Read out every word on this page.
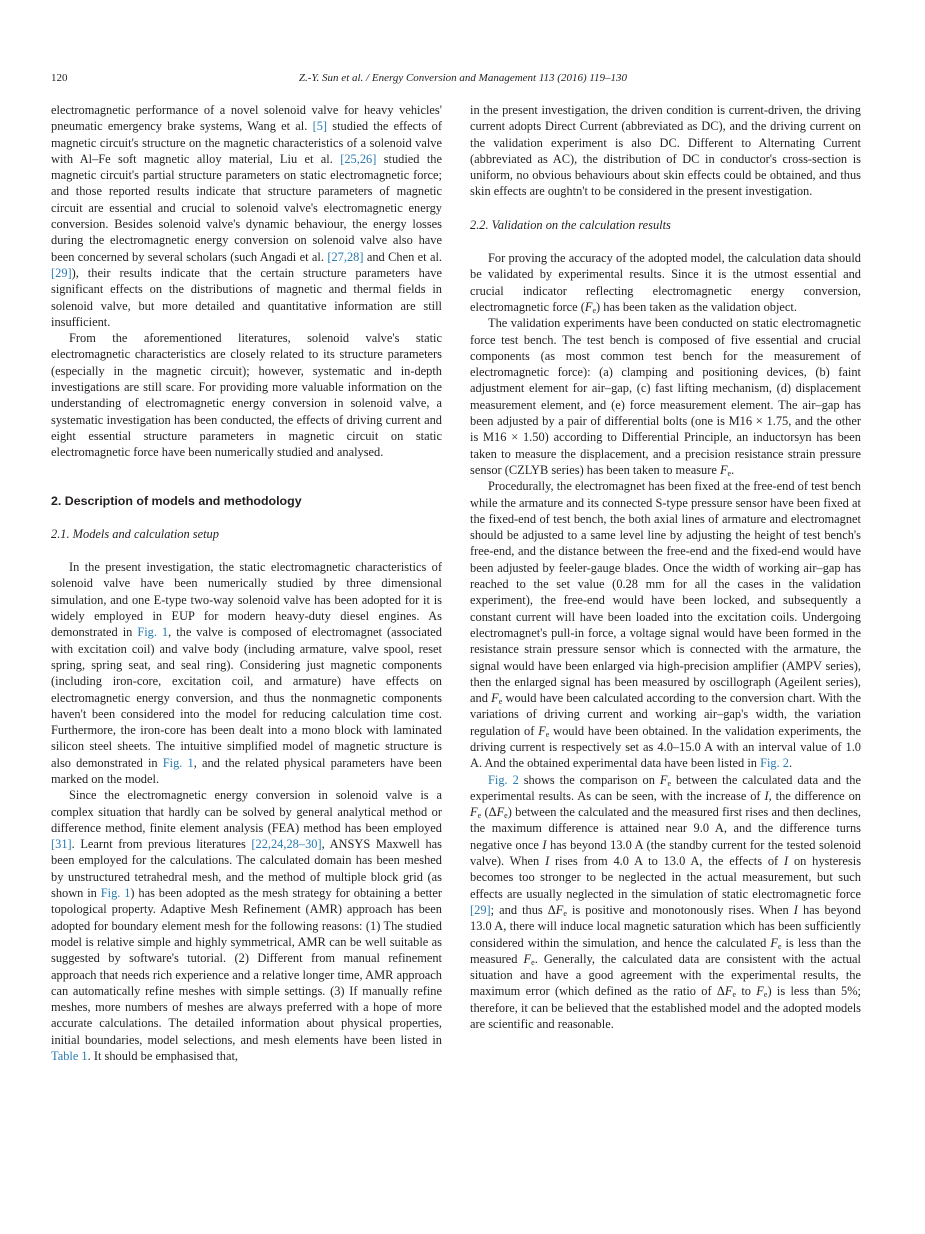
120	Z.-Y. Sun et al. / Energy Conversion and Management 113 (2016) 119–130

electromagnetic performance of a novel solenoid valve for heavy vehicles' pneumatic emergency brake systems, Wang et al. [5] studied the effects of magnetic circuit's structure on the magnetic characteristics of a solenoid valve with Al–Fe soft magnetic alloy material, Liu et al. [25,26] studied the magnetic circuit's partial structure parameters on static electromagnetic force; and those reported results indicate that structure parameters of magnetic circuit are essential and crucial to solenoid valve's electromagnetic energy conversion. Besides solenoid valve's dynamic behaviour, the energy losses during the electromagnetic energy conversion on solenoid valve also have been concerned by several scholars (such Angadi et al. [27,28] and Chen et al. [29]), their results indicate that the certain structure parameters have significant effects on the distributions of magnetic and thermal fields in solenoid valve, but more detailed and quantitative information are still insufficient.

From the aforementioned literatures, solenoid valve's static electromagnetic characteristics are closely related to its structure parameters (especially in the magnetic circuit); however, systematic and in-depth investigations are still scare. For providing more valuable information on the understanding of electromagnetic energy conversion in solenoid valve, a systematic investigation has been conducted, the effects of driving current and eight essential structure parameters in magnetic circuit on static electromagnetic force have been numerically studied and analysed.

2. Description of models and methodology
2.1. Models and calculation setup

In the present investigation, the static electromagnetic characteristics of solenoid valve have been numerically studied by three dimensional simulation, and one E-type two-way solenoid valve has been adopted for it is widely employed in EUP for modern heavy-duty diesel engines. As demonstrated in Fig. 1, the valve is composed of electromagnet (associated with excitation coil) and valve body (including armature, valve spool, reset spring, spring seat, and seal ring). Considering just magnetic components (including iron-core, excitation coil, and armature) have effects on electromagnetic energy conversion, and thus the nonmagnetic components haven't been considered into the model for reducing calculation time cost. Furthermore, the iron-core has been dealt into a mono block with laminated silicon steel sheets. The intuitive simplified model of magnetic structure is also demonstrated in Fig. 1, and the related physical parameters have been marked on the model.

Since the electromagnetic energy conversion in solenoid valve is a complex situation that hardly can be solved by general analytical method or difference method, finite element analysis (FEA) method has been employed [31]. Learnt from previous literatures [22,24,28–30], ANSYS Maxwell has been employed for the calculations. The calculated domain has been meshed by unstructured tetrahedral mesh, and the method of multiple block grid (as shown in Fig. 1) has been adopted as the mesh strategy for obtaining a better topological property. Adaptive Mesh Refinement (AMR) approach has been adopted for boundary element mesh for the following reasons: (1) The studied model is relative simple and highly symmetrical, AMR can be well suitable as suggested by software's tutorial. (2) Different from manual refinement approach that needs rich experience and a relative longer time, AMR approach can automatically refine meshes with simple settings. (3) If manually refine meshes, more numbers of meshes are always preferred with a hope of more accurate calculations. The detailed information about physical properties, initial boundaries, model selections, and mesh elements have been listed in Table 1. It should be emphasised that,

in the present investigation, the driven condition is current-driven, the driving current adopts Direct Current (abbreviated as DC), and the driving current on the validation experiment is also DC. Different to Alternating Current (abbreviated as AC), the distribution of DC in conductor's cross-section is uniform, no obvious behaviours about skin effects could be obtained, and thus skin effects are oughtn't to be considered in the present investigation.

2.2. Validation on the calculation results

For proving the accuracy of the adopted model, the calculation data should be validated by experimental results. Since it is the utmost essential and crucial indicator reflecting electromagnetic energy conversion, electromagnetic force $(F_e)$ has been taken as the validation object.

The validation experiments have been conducted on static electromagnetic force test bench. The test bench is composed of five essential and crucial components (as most common test bench for the measurement of electromagnetic force): (a) clamping and positioning devices, (b) faint adjustment element for air–gap, (c) fast lifting mechanism, (d) displacement measurement element, and (e) force measurement element. The air–gap has been adjusted by a pair of differential bolts (one is M16 × 1.75, and the other is M16 × 1.50) according to Differential Principle, an inductorsyn has been taken to measure the displacement, and a precision resistance strain pressure sensor (CZLYB series) has been taken to measure $F_e$.

Procedurally, the electromagnet has been fixed at the free-end of test bench while the armature and its connected S-type pressure sensor have been fixed at the fixed-end of test bench, the both axial lines of armature and electromagnet should be adjusted to a same level line by adjusting the height of test bench's free-end, and the distance between the free-end and the fixed-end would have been adjusted by feeler-gauge blades. Once the width of working air–gap has reached to the set value (0.28 mm for all the cases in the validation experiment), the free-end would have been locked, and subsequently a constant current will have been loaded into the excitation coils. Undergoing electromagnet's pull-in force, a voltage signal would have been formed in the resistance strain pressure sensor which is connected with the armature, the signal would have been enlarged via high-precision amplifier (AMPV series), then the enlarged signal has been measured by oscillograph (Ageilent series), and $F_e$ would have been calculated according to the conversion chart. With the variations of driving current and working air–gap's width, the variation regulation of $F_e$ would have been obtained. In the validation experiments, the driving current is respectively set as 4.0–15.0 A with an interval value of 1.0 A. And the obtained experimental data have been listed in Fig. 2.

Fig. 2 shows the comparison on $F_e$ between the calculated data and the experimental results. As can be seen, with the increase of I, the difference on $F_e$ $(\Delta F_e)$ between the calculated and the measured first rises and then declines, the maximum difference is attained near 9.0 A, and the difference turns negative once I has beyond 13.0 A (the standby current for the tested solenoid valve). When I rises from 4.0 A to 13.0 A, the effects of I on hysteresis becomes too stronger to be neglected in the actual measurement, but such effects are usually neglected in the simulation of static electromagnetic force [29]; and thus $\Delta F_e$ is positive and monotonously rises. When I has beyond 13.0 A, there will induce local magnetic saturation which has been sufficiently considered within the simulation, and hence the calculated $F_e$ is less than the measured $F_e$. Generally, the calculated data are consistent with the actual situation and have a good agreement with the experimental results, the maximum error (which defined as the ratio of $\Delta F_e$ to $F_e$) is less than 5%; therefore, it can be believed that the established model and the adopted models are scientific and reasonable.
